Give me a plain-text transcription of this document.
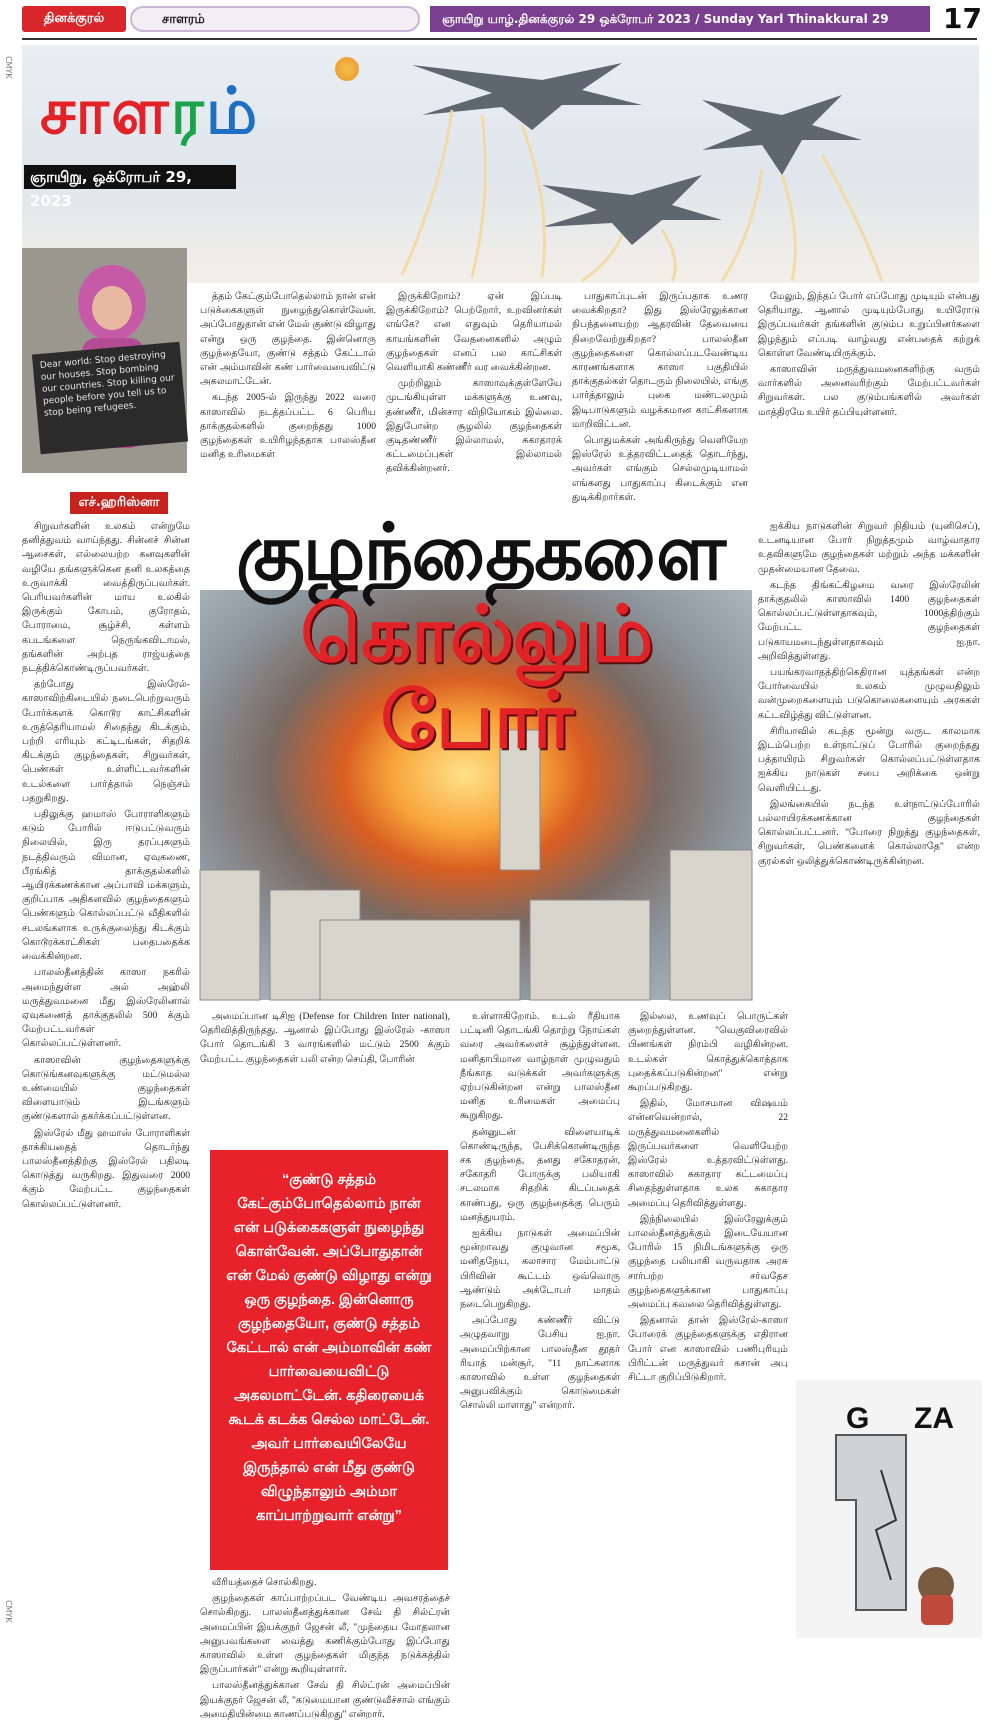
தினக்குரல்	சாளரம்	ஞாயிறு யாழ்.தினக்குரல் 29 ஒக்ரோபர் 2023 / Sunday Yarl Thinakkural 29	17
CMYK
CMYK
சாளரம்
ஞாயிறு, ஒக்ரோபர் 29, 2023
Dear world: Stop destroying our houses. Stop bombing our countries. Stop killing our people before you tell us to stop being refugees.
எச்.ஹரிஸ்னா

சிறுவர்களின் உலகம் என்றுமே தனித்துவம் வாய்ந்தது. சின்னச் சின்ன ஆசைகள், எல்லையற்ற கனவுகளின் வழியே தங்களுக்கென தனி உலகத்தை உருவாக்கி வைத்திருப்பவர்கள். பெரியவர்களின் மாய உலகில் இருக்கும் கோபம், குரோதம், போராமை, சூழ்ச்சி, கள்ளம் கபடங்களை நெருங்கவிடாமல், தங்களின் அற்புத ராஜ்யத்தை நடத்திக்கொண்டிருப்பவர்கள்.

தற்போது இஸ்ரேல்-காஸாவிற்கிடையில் நடைபெற்றுவரும் போர்க்களக் கொடூர காட்சிகளின் உருத்தெரியாமல் சிதைந்து கிடக்கும், பற்றி எரியும் கட்டிடங்கள், சிதறிக் கிடக்கும் குழந்தைகள், சிறுவர்கள், பெண்கள் உள்ளிட்டவர்களின் உடல்களை பார்த்தால் நெஞ்சம் பதறுகிறது.

பதிலுக்கு ஹமாஸ் போராளிகளும் கடும் போரில் ஈடுபட்டுவரும் நிலையில், இரு தரப்புகளும் நடத்திவரும் விமான, ஏவுகணை, பீரங்கித் தாக்குதல்களில் ஆயிரக்கணக்கான அப்பாவி மக்களும், குறிப்பாக அதிகளவில் குழந்தைகளும் பெண்களும் கொல்லப்பட்டு வீதிகளில் சடலங்களாக உருக்குலைந்து கிடக்கும் கொடூரக்காட்சிகள் பதைபதைக்க வைக்கின்றன.

பாலஸ்தீனத்தின் காஸா நகரில் அமைந்துள்ள அல் அஹ்லி மருத்துவமனை மீது இஸ்ரேலினால் ஏவுகணைத் தாக்குதலில் 500 க்கும் மேற்பட்டவர்கள் கொல்லப்பட்டுள்ளனர்.

காஸாவின் குழந்தைகளுக்கு கொடுங்கனவுகளுக்கு மட்டுமல்ல உண்மையில் குழந்தைகள் விளையாடும் இடங்களும் குண்டுகளால் தகர்க்கப்பட்டுள்ளன.

இஸ்ரேல் மீது ஹமாஸ் போராளிகள் தாக்கியதைத் தொடர்ந்து பாலஸ்தீனத்திற்கு இஸ்ரேல் பதிலடி கொடுத்து வருகிறது. இதுவரை 2000 க்கும் மேற்பட்ட குழந்தைகள் கொல்லப்பட்டுள்ளனர்.

த்தம் கேட்கும்போதெல்லாம் நான் என் படுக்கைகளுள் நுழைந்துகொள்வேன். அப்போதுதான் என் மேல் குண்டு விழாது என்று ஒரு குழந்தை. இன்னொரு குழந்தையோ, குண்டு சத்தம் கேட்டால் என் அம்மாவின் கண் பார்வையைவிட்டு அகலமாட்டேன்.

கடந்த 2005-ல் இருந்து 2022 வரை காஸாவில் நடத்தப்பட்ட 6 பெரிய தாக்குதல்களில் குறைந்தது 1000 குழந்தைகள் உயிரிழந்ததாக பாலஸ்தீன மனித உரிமைகள்

இருக்கிறோம்? ஏன் இப்படி இருக்கிறோம்? பெற்றோர், உறவினர்கள் எங்கே? என எதுவும் தெரியாமல் காயங்களின் வேதனைகளில் அழும் குழந்தைகள் எனப் பல காட்சிகள் வெளியாகி கண்ணீர் வர வைக்கின்றன.

முற்றிலும் காஸாவுக்குள்ளேயே முடங்கியுள்ள மக்களுக்கு உணவு, தண்ணீர், மின்சார விநியோகம் இல்லை. இதுபோன்ற சூழலில் குழந்தைகள் குடிதண்ணீர் இல்லாமல், சுகாதாரக் கட்டமைப்புகள் இல்லாமல் தவிக்கின்றனர்.

பாதுகாப்புடன் இருப்பதாக உணர வைக்கிறதா? இது இஸ்ரேலுக்கான நிபந்தனையற்ற ஆதரவின் தேவையை நிறைவேற்றுகிறதா? பாலஸ்தீன குழந்தைகளை கொல்லப்படவேண்டிய காரணங்களாக காஸா பகுதியில் தாக்குதல்கள் தொடரும் நிலையில், எங்கு பார்த்தாலும் புகை மண்டலமும் இடிபாடுகளும் வழக்கமான காட்சிகளாக மாறிவிட்டன.

பொதுமக்கள் அங்கிருந்து வெளியேற இஸ்ரேல் உத்தரவிட்டதைத் தொடர்ந்து, அவர்கள் எங்கும் செல்லமுடியாமல் எங்களது பாதுகாப்பு கிடைக்கும் என துடிக்கிறார்கள்.

மேலும், இந்தப் போர் எப்போது முடியும் என்பது தெரியாது. ஆனால் முடியும்போது உயிரோடு இருப்பவர்கள் தங்களின் குடும்ப உறுப்பினர்களை இழந்தும் எப்படி வாழ்வது என்பதைக் கற்றுக் கொள்ள வேண்டியிருக்கும்.

காஸாவின் மருத்துவமனைகளிற்கு வரும் வார்களில் அனைவரிற்கும் மேற்பட்டவர்கள் சிறுவர்கள். பல குடும்பங்களில் அவர்கள் மாத்திரமே உயிர் தப்பியுள்ளனர்.

குழந்தைகளை
கொல்லும் போர்

ஐக்கிய நாடுகளின் சிறுவர் நிதியம் (யுனிசெப்), உடனடியான போர் நிறுத்தமும் வாழ்வாதார உதவிகளுமே குழந்தைகள் மற்றும் அந்த மக்களின் முதன்மையான தேவை.

கடந்த திங்கட்கிழமை வரை இஸ்ரேலின் தாக்குதலில் காஸாவில் 1400 குழந்தைகள் கொல்லப்பட்டுள்ளதாகவும், 1000த்திற்கும் மேற்பட்ட குழந்தைகள் படுகாயமடைந்துள்ளதாகவும் ஐ.நா. அறிவித்துள்ளது.

பயங்கரவாதத்திற்கெதிரான யுத்தங்கள் என்ற போர்வையில் உலகம் முழுவதிலும் வன்முறைகளையும் படுகொலைகளையும் அரசுகள் கட்டவிழ்த்து விட்டுள்ளன.

சிரியாவில் கடந்த மூன்று வருட காலமாக இடம்பெற்ற உள்நாட்டுப் போரில் குறைந்தது பத்தாயிரம் சிறுவர்கள் கொல்லப்பட்டுள்ளதாக ஐக்கிய நாடுகள் சபை அறிக்கை ஒன்று வெளியிட்டது.

இலங்கையில் நடந்த உள்நாட்டுப்போரில் பல்லாயிரக்கணக்கான குழந்தைகள் கொல்லப்பட்டனர். "போரை நிறுத்து குழந்தைகள், சிறுவர்கள், பெண்களைக் கொல்லாதே" என்ற குரல்கள் ஒலித்துக்கொண்டிருக்கின்றன.

அமைப்பான டிசிஐ (Defense for Children Inter national), தெரிவித்திருந்தது. ஆனால் இப்போது இஸ்ரேல் -காஸா போர் தொடங்கி 3 வாரங்களில் மட்டும் 2500 க்கும் மேற்பட்ட குழந்தைகள் பலி என்ற செய்தி, போரின்

“குண்டு சத்தம் கேட்கும்போதெல்லாம் நான் என் படுக்கைகளுள் நுழைந்து கொள்வேன். அப்போதுதான் என் மேல் குண்டு விழாது என்று ஒரு குழந்தை. இன்னொரு குழந்தையோ, குண்டு சத்தம் கேட்டால் என் அம்மாவின் கண் பார்வையைவிட்டு அகலமாட்டேன். கதிரையைக் கூடக் கடக்க செல்ல மாட்டேன். அவர் பார்வையிலேயே இருந்தால் என் மீது குண்டு விழுந்தாலும் அம்மா காப்பாற்றுவார் என்று”

வீரியத்தைச் சொல்கிறது.

குழந்தைகள் காப்பாற்றப்பட வேண்டிய அவசரத்தைச் சொல்கிறது. பாலஸ்தீனத்துக்கான சேவ் தி சில்ட்ரன் அமைப்பின் இயக்குநர் ஜேசன் லீ, "முந்தைய மோதலான அனுபவங்களை வைத்து கணிக்கும்போது இப்போது காஸாவில் உள்ள குழந்தைகள் மிகுந்த நடுக்கத்தில் இருப்பார்கள்" என்று கூறியுள்ளார்.

பாலஸ்தீனத்துக்கான சேவ் தி சில்ட்ரன் அமைப்பின் இயக்குநர் ஜேசன் லீ, "கடுமையான குண்டுவீச்சால் எங்கும் அமைதியின்மை காணப்படுகிறது" என்றார்.

உள்ளாகிறோம். உடல் ரீதியாக பட்டினி தொடங்கி தொற்று நோய்கள் வரை அவர்களைச் சூழ்ந்துள்ளன. மனிதாபிமான வாழ்நாள் முழுவதும் நீங்காத வடுக்கள் அவர்களுக்கு ஏற்படுகின்றன என்று பாலஸ்தீன மனித உரிமைகள் அமைப்பு கூறுகிறது.

தன்னுடன் விளையாடிக் கொண்டிருந்த, பேசிக்கொண்டிருந்த சக குழந்தை, தனது சகோதரன், சகோதரி போருக்கு பலியாகி சடலமாக சிதறிக் கிடப்பதைக் காண்பது, ஒரு குழந்தைக்கு பெரும் மனத்துயரம்.

ஐக்கிய நாடுகள் அமைப்பின் மூன்றாவது குழுவான சமூக, மனிதநேய, கலாசார மேம்பாட்டு பிரிவின் கூட்டம் ஒவ்வொரு ஆண்டும் அக்டோபர் மாதம் நடைபெறுகிறது.

அப்போது கண்ணீர் விட்டு அழுதவாறு பேசிய ஐ.நா. அமைப்பிற்கான பாலஸ்தீன தூதர் ரியாத் மன்சூர், "11 நாட்களாக காஸாவில் உள்ள குழந்தைகள் அனுபவிக்கும் கொடுமைகள் சொல்லி மாளாது" என்றார்.

இல்லை, உணவுப் பொருட்கள் குறைந்துள்ளன. "வெகுவிரைவில் பிணங்கள் நிரம்பி வழிகின்றன. உடல்கள் கொத்துக்கொத்தாக புதைக்கப்படுகின்றன" என்று கூறப்படுகிறது.

இதில், மோசமான விஷயம் என்னவென்றால், 22 மருத்துவமனைகளில் இருப்பவர்களை வெளியேற்ற இஸ்ரேல் உத்தரவிட்டுள்ளது. காஸாவில் சுகாதார கட்டமைப்பு சிதைந்துள்ளதாக உலக சுகாதார அமைப்பு தெரிவித்துள்ளது.

இந்நிலையில் இஸ்ரேலுக்கும் பாலஸ்தீனத்துக்கும் இடையேயான போரில் 15 நிமிடங்களுக்கு ஒரு குழந்தை பலியாகி வருவதாக அரசு சார்பற்ற சர்வதேச குழந்தைகளுக்கான பாதுகாப்பு அமைப்பு கவலை தெரிவித்துள்ளது.

இதனால் தான் இஸ்ரேல்-காஸா போரைக் குழந்தைகளுக்கு எதிரான போர் என காஸாவில் பணிபுரியும் பிரிட்டன் மருத்துவர் கசான் அபு சிட்டா குறிப்பிடுகிறார்.

G ZA
